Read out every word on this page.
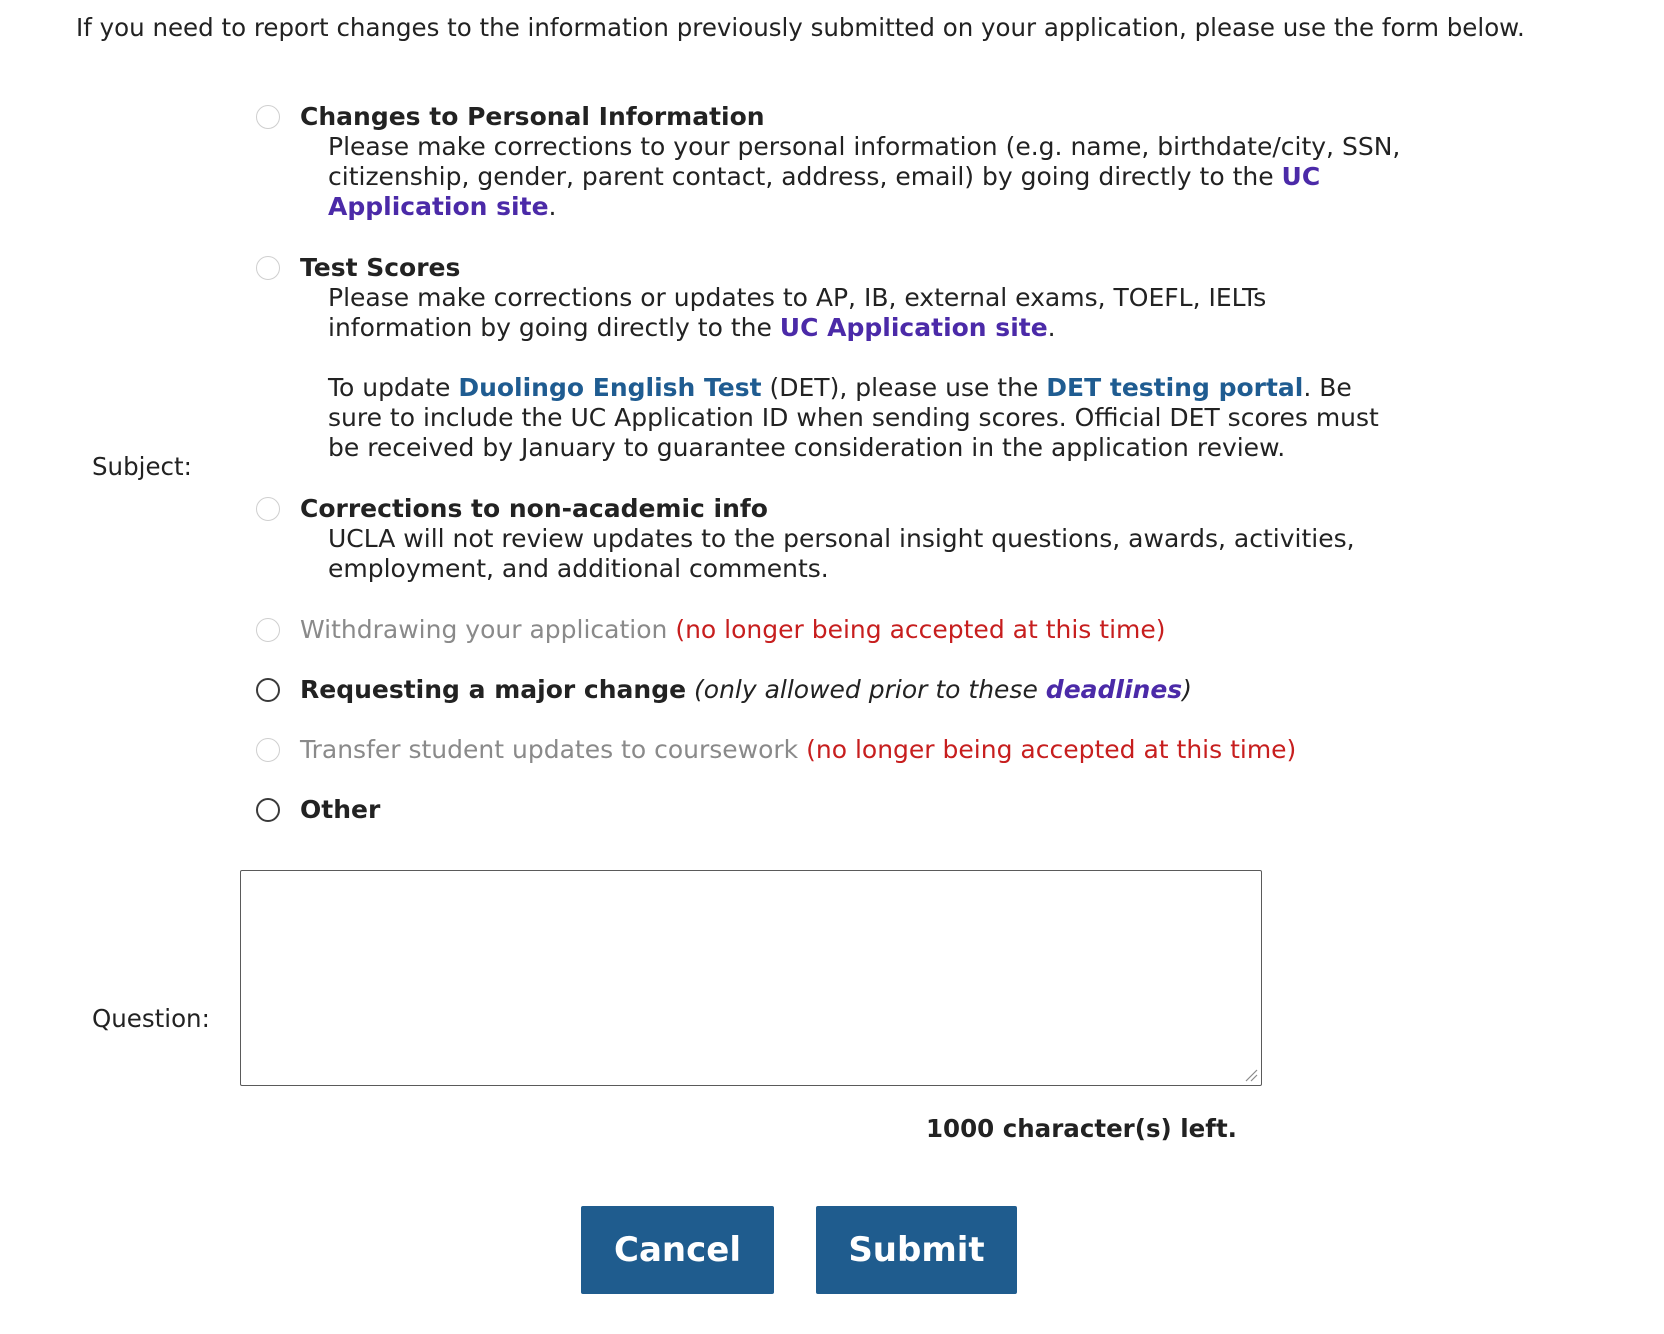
If you need to report changes to the information previously submitted on your application, please use the form below.

Subject:
Changes to Personal Information
Please make corrections to your personal information (e.g. name, birthdate/city, SSN, citizenship, gender, parent contact, address, email) by going directly to the UC Application site.
Test Scores
Please make corrections or updates to AP, IB, external exams, TOEFL, IELTs information by going directly to the UC Application site.
To update Duolingo English Test (DET), please use the DET testing portal. Be sure to include the UC Application ID when sending scores. Official DET scores must be received by January to guarantee consideration in the application review.
Corrections to non-academic info
UCLA will not review updates to the personal insight questions, awards, activities, employment, and additional comments.
Withdrawing your application (no longer being accepted at this time)
Requesting a major change (only allowed prior to these deadlines)
Transfer student updates to coursework (no longer being accepted at this time)
Other
Question:
1000 character(s) left.
Cancel	Submit
